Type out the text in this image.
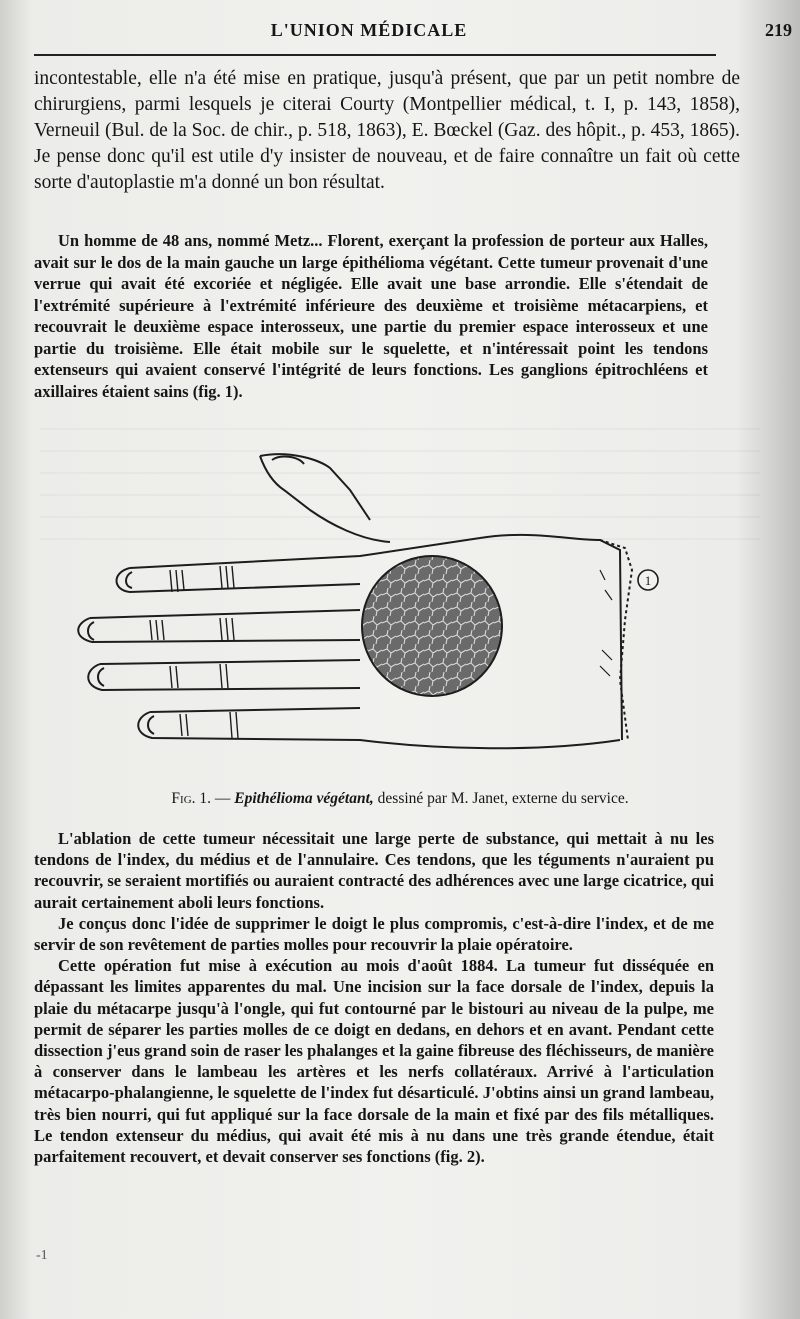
L'UNION MÉDICALE	219

incontestable, elle n'a été mise en pratique, jusqu'à présent, que par un petit nombre de chirurgiens, parmi lesquels je citerai Courty (Montpellier médical, t. I, p. 143, 1858), Verneuil (Bul. de la Soc. de chir., p. 518, 1863), E. Bœckel (Gaz. des hôpit., p. 453, 1865). Je pense donc qu'il est utile d'y insister de nouveau, et de faire connaître un fait où cette sorte d'autoplastie m'a donné un bon résultat.

Un homme de 48 ans, nommé Metz... Florent, exerçant la profession de porteur aux Halles, avait sur le dos de la main gauche un large épithélioma végétant. Cette tumeur provenait d'une verrue qui avait été excoriée et négligée. Elle avait une base arrondie. Elle s'étendait de l'extrémité supérieure à l'extrémité inférieure des deuxième et troisième métacarpiens, et recouvrait le deuxième espace interosseux, une partie du premier espace interosseux et une partie du troisième. Elle était mobile sur le squelette, et n'intéressait point les tendons extenseurs qui avaient conservé l'intégrité de leurs fonctions. Les ganglions épitrochléens et axillaires étaient sains (fig. 1).

1
Fig. 1. — Epithélioma végétant, dessiné par M. Janet, externe du service.

L'ablation de cette tumeur nécessitait une large perte de substance, qui mettait à nu les tendons de l'index, du médius et de l'annulaire. Ces tendons, que les téguments n'auraient pu recouvrir, se seraient mortifiés ou auraient contracté des adhérences avec une large cicatrice, qui aurait certainement aboli leurs fonctions.

Je conçus donc l'idée de supprimer le doigt le plus compromis, c'est-à-dire l'index, et de me servir de son revêtement de parties molles pour recouvrir la plaie opératoire.

Cette opération fut mise à exécution au mois d'août 1884. La tumeur fut disséquée en dépassant les limites apparentes du mal. Une incision sur la face dorsale de l'index, depuis la plaie du métacarpe jusqu'à l'ongle, qui fut contourné par le bistouri au niveau de la pulpe, me permit de séparer les parties molles de ce doigt en dedans, en dehors et en avant. Pendant cette dissection j'eus grand soin de raser les phalanges et la gaine fibreuse des fléchisseurs, de manière à conserver dans le lambeau les artères et les nerfs collatéraux. Arrivé à l'articulation métacarpo-phalangienne, le squelette de l'index fut désarticulé. J'obtins ainsi un grand lambeau, très bien nourri, qui fut appliqué sur la face dorsale de la main et fixé par des fils métalliques. Le tendon extenseur du médius, qui avait été mis à nu dans une très grande étendue, était parfaitement recouvert, et devait conserver ses fonctions (fig. 2).

-1
